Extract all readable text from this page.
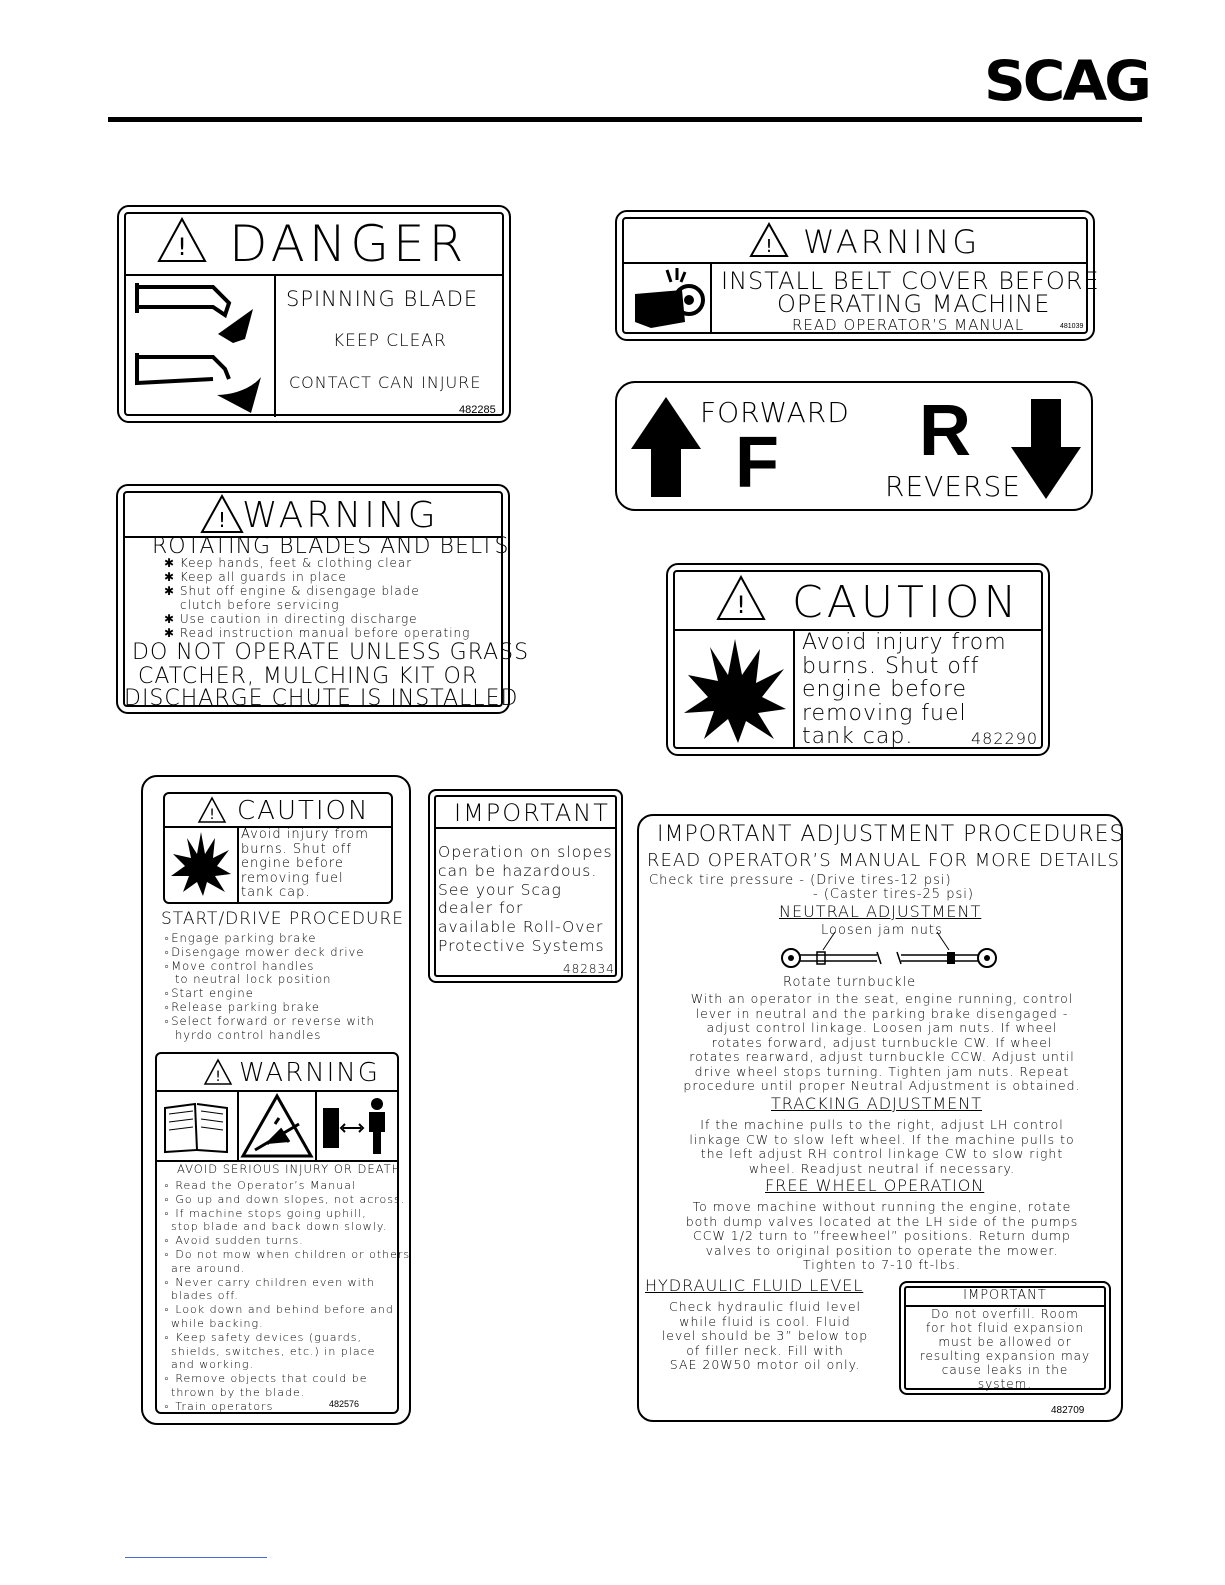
SCAG
! DANGER
SPINNING BLADE
KEEP CLEAR
CONTACT CAN INJURE
482285
! WARNING
INSTALL BELT COVER BEFORE
OPERATING MACHINE
READ OPERATOR’S MANUAL	481039
FORWARD
F R
REVERSE
! WARNING
ROTATING BLADES AND BELTS
✱ Keep hands, feet & clothing clear
✱ Keep all guards in place
✱ Shut off engine & disengage blade
clutch before servicing
✱ Use caution in directing discharge
✱ Read instruction manual before operating
DO NOT OPERATE UNLESS GRASS
CATCHER, MULCHING KIT OR
DISCHARGE CHUTE IS INSTALLED
! CAUTION
Avoid injury from
burns. Shut off
engine before
removing fuel
tank cap.	482290
! CAUTION
Avoid injury from
burns. Shut off
engine before
removing fuel
tank cap.
START/DRIVE PROCEDURE
∘Engage parking brake
∘Disengage mower deck drive
∘Move control handles
to neutral lock position
∘Start engine
∘Release parking brake
∘Select forward or reverse with
hyrdo control handles
! WARNING
AVOID SERIOUS INJURY OR DEATH
∘ Read the Operator’s Manual
∘ Go up and down slopes, not across.
∘ If machine stops going uphill,
stop blade and back down slowly.
∘ Avoid sudden turns.
∘ Do not mow when children or others
are around.
∘ Never carry children even with
blades off.
∘ Look down and behind before and
while backing.
∘ Keep safety devices (guards,
shields, switches, etc.) in place
and working.
∘ Remove objects that could be
thrown by the blade.
∘ Train operators	482576
IMPORTANT
Operation on slopes
can be hazardous.
See your Scag
dealer for
available Roll-Over
Protective Systems
482834
IMPORTANT ADJUSTMENT PROCEDURES
READ OPERATOR’S MANUAL FOR MORE DETAILS
Check tire pressure - (Drive tires-12 psi)
- (Caster tires-25 psi)
NEUTRAL ADJUSTMENT
Loosen jam nuts
Rotate turnbuckle
With an operator in the seat, engine running, control
lever in neutral and the parking brake disengaged -
adjust control linkage. Loosen jam nuts. If wheel
rotates forward, adjust turnbuckle CW. If wheel
rotates rearward, adjust turnbuckle CCW. Adjust until
drive wheel stops turning. Tighten jam nuts. Repeat
procedure until proper Neutral Adjustment is obtained.
TRACKING ADJUSTMENT
If the machine pulls to the right, adjust LH control
linkage CW to slow left wheel. If the machine pulls to
the left adjust RH control linkage CW to slow right
wheel. Readjust neutral if necessary.
FREE WHEEL OPERATION
To move machine without running the engine, rotate
both dump valves located at the LH side of the pumps
CCW 1/2 turn to ”freewheel” positions. Return dump
valves to original position to operate the mower.
Tighten to 7-10 ft-lbs.
HYDRAULIC FLUID LEVEL
Check hydraulic fluid level
while fluid is cool. Fluid
level should be 3” below top
of filler neck. Fill with
SAE 20W50 motor oil only.
IMPORTANT
Do not overfill. Room
for hot fluid expansion
must be allowed or
resulting expansion may
cause leaks in the
system.
482709
